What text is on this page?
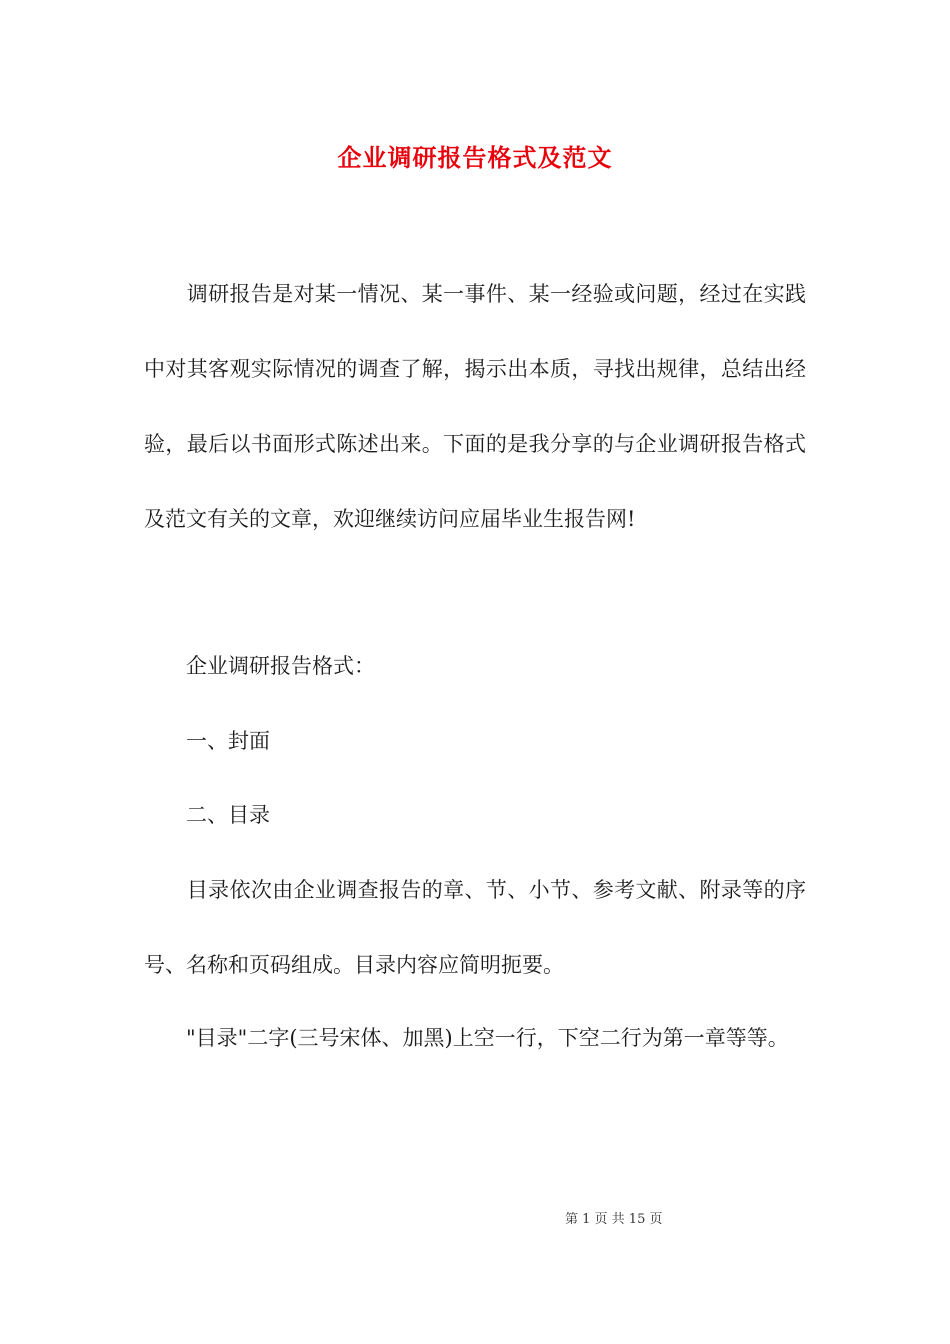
企业调研报告格式及范文

　　调研报告是对某一情况、某一事件、某一经验或问题，经过在实践中对其客观实际情况的调查了解，揭示出本质，寻找出规律，总结出经验，最后以书面形式陈述出来。下面的是我分享的与企业调研报告格式及范文有关的文章，欢迎继续访问应届毕业生报告网!

　　企业调研报告格式：

　　一、封面

　　二、目录

　　目录依次由企业调查报告的章、节、小节、参考文献、附录等的序号、名称和页码组成。目录内容应简明扼要。

　　"目录"二字(三号宋体、加黑)上空一行，下空二行为第一章等等。

第 1 页 共 15 页
